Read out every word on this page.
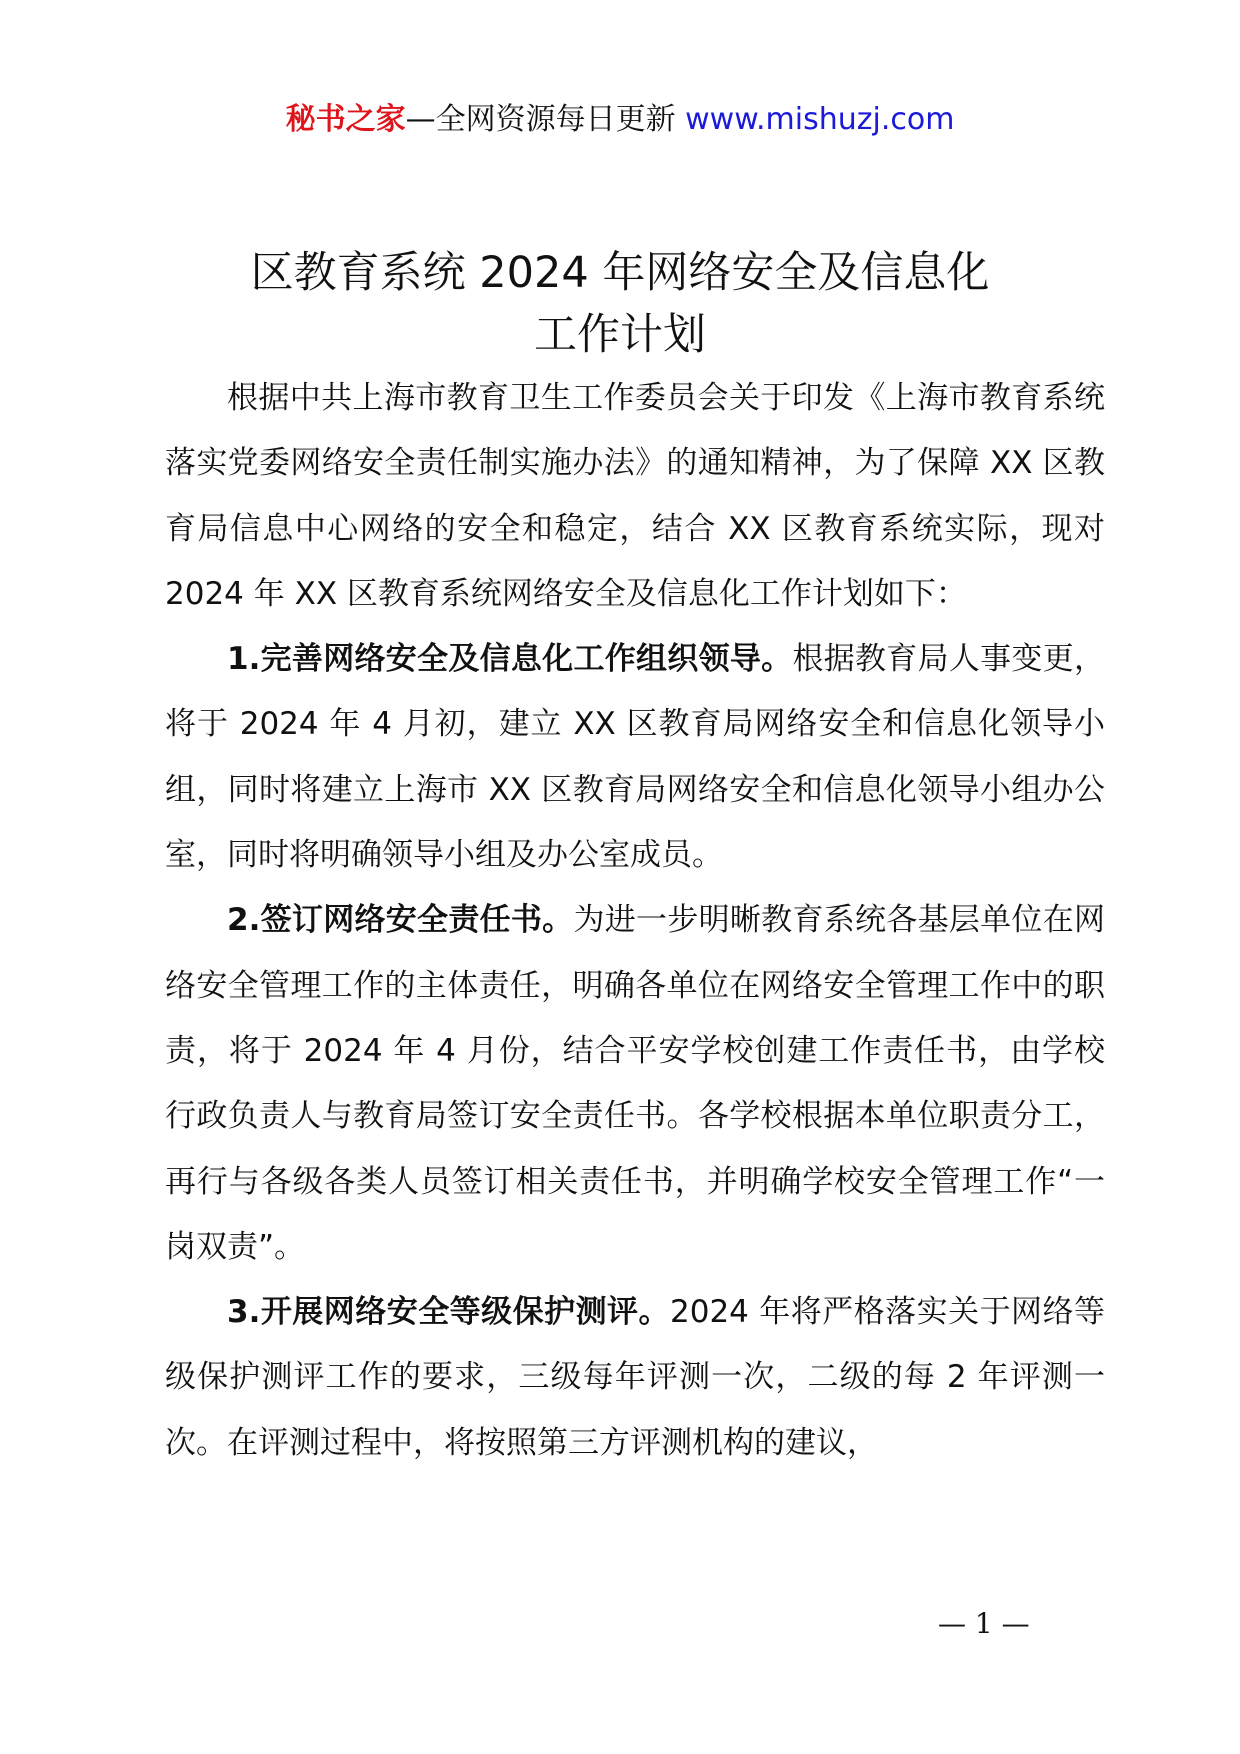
秘书之家—全网资源每日更新 www.mishuzj.com
区教育系统 2024 年网络安全及信息化
工作计划

根据中共上海市教育卫生工作委员会关于印发《上海市教育系统落实党委网络安全责任制实施办法》的通知精神，为了保障 XX 区教育局信息中心网络的安全和稳定，结合 XX 区教育系统实际，现对 2024 年 XX 区教育系统网络安全及信息化工作计划如下：

1.完善网络安全及信息化工作组织领导。根据教育局人事变更，将于 2024 年 4 月初，建立 XX 区教育局网络安全和信息化领导小组，同时将建立上海市 XX 区教育局网络安全和信息化领导小组办公室，同时将明确领导小组及办公室成员。

2.签订网络安全责任书。为进一步明晰教育系统各基层单位在网络安全管理工作的主体责任，明确各单位在网络安全管理工作中的职责，将于 2024 年 4 月份，结合平安学校创建工作责任书，由学校行政负责人与教育局签订安全责任书。各学校根据本单位职责分工，再行与各级各类人员签订相关责任书，并明确学校安全管理工作“一岗双责”。

3.开展网络安全等级保护测评。2024 年将严格落实关于网络等级保护测评工作的要求，三级每年评测一次，二级的每 2 年评测一次。在评测过程中，将按照第三方评测机构的建议，

— 1 —
